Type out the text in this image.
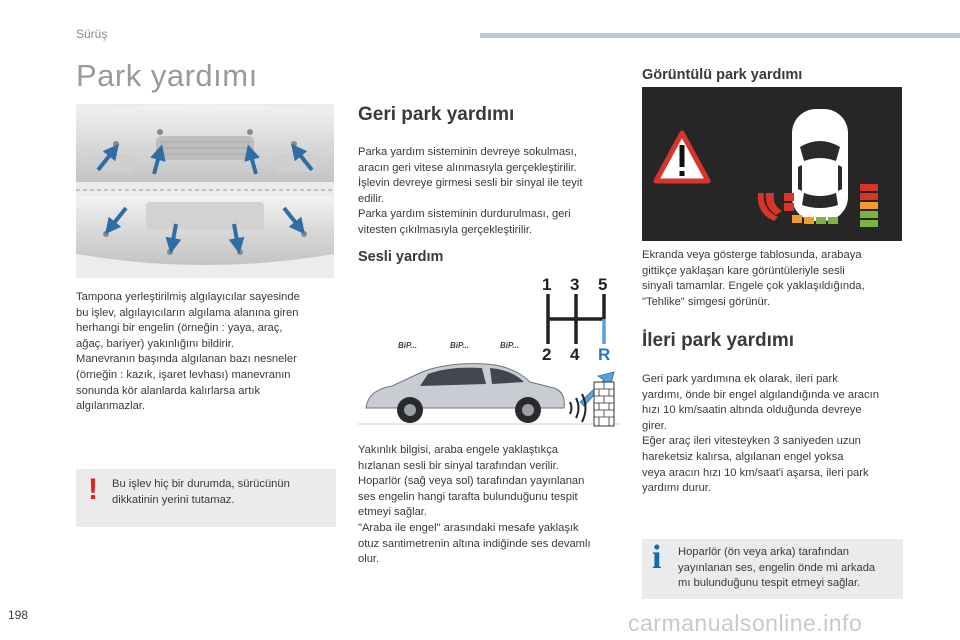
Sürüş
Park yardımı
Tampona yerleştirilmiş algılayıcılar sayesinde
bu işlev, algılayıcıların algılama alanına giren
herhangi bir engelin (örneğin : yaya, araç,
ağaç, bariyer) yakınlığını bildirir.
Manevranın başında algılanan bazı nesneler
(örneğin : kazık, işaret levhası) manevranın
sonunda kör alanlarda kalırlarsa artık
algılanmazlar.
! Bu işlev hiç bir durumda, sürücünün
dikkatinin yerini tutamaz.
Geri park yardımı
Parka yardım sisteminin devreye sokulması,
aracın geri vitese alınmasıyla gerçekleştirilir.
İşlevin devreye girmesi sesli bir sinyal ile teyit
edilir.
Parka yardım sisteminin durdurulması, geri
vitesten çıkılmasıyla gerçekleştirilir.
Sesli yardım
1 3 5
2 4 R
BiP...	BiP...	BiP...
Yakınlık bilgisi, araba engele yaklaştıkça
hızlanan sesli bir sinyal tarafından verilir.
Hoparlör (sağ veya sol) tarafından yayınlanan
ses engelin hangi tarafta bulunduğunu tespit
etmeyi sağlar.
"Araba ile engel" arasındaki mesafe yaklaşık
otuz santimetrenin altına indiğinde ses devamlı
olur.
Görüntülü park yardımı
Ekranda veya gösterge tablosunda, arabaya
gittikçe yaklaşan kare görüntüleriyle sesli
sinyali tamamlar. Engele çok yaklaşıldığında,
"Tehlike" simgesi görünür.
İleri park yardımı
Geri park yardımına ek olarak, ileri park
yardımı, önde bir engel algılandığında ve aracın
hızı 10 km/saatin altında olduğunda devreye
girer.
Eğer araç ileri vitesteyken 3 saniyeden uzun
hareketsiz kalırsa, algılanan engel yoksa
veya aracın hızı 10 km/saat'i aşarsa, ileri park
yardımı durur.
i Hoparlör (ön veya arka) tarafından
yayınlanan ses, engelin önde mi arkada
mı bulunduğunu tespit etmeyi sağlar.
198	carmanualsonline.info
